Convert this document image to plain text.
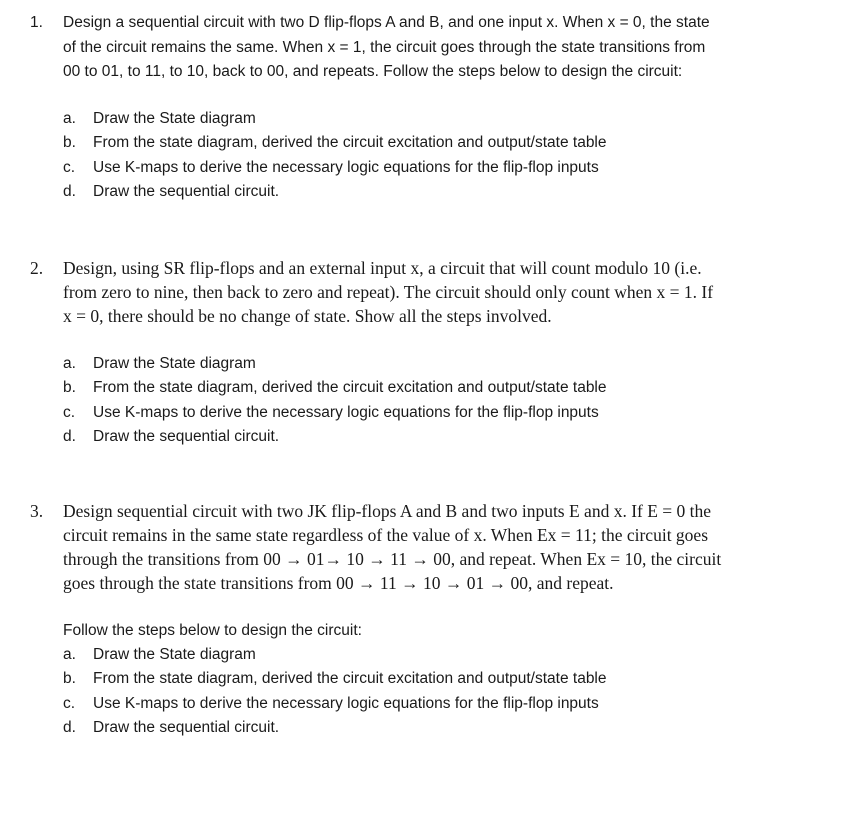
1. Design a sequential circuit with two D flip-flops A and B, and one input x. When x = 0, the state
of the circuit remains the same. When x = 1, the circuit goes through the state transitions from
00 to 01, to 11, to 10, back to 00, and repeats. Follow the steps below to design the circuit:
a. Draw the State diagram
b. From the state diagram, derived the circuit excitation and output/state table
c. Use K-maps to derive the necessary logic equations for the flip-flop inputs
d. Draw the sequential circuit.
2. Design, using SR flip-flops and an external input x, a circuit that will count modulo 10 (i.e.
from zero to nine, then back to zero and repeat). The circuit should only count when x = 1. If
x = 0, there should be no change of state. Show all the steps involved.
a. Draw the State diagram
b. From the state diagram, derived the circuit excitation and output/state table
c. Use K-maps to derive the necessary logic equations for the flip-flop inputs
d. Draw the sequential circuit.
3. Design sequential circuit with two JK flip-flops A and B and two inputs E and x. If E = 0 the
circuit remains in the same state regardless of the value of x. When Ex = 11; the circuit goes
through the transitions from 00 → 01→ 10 → 11 → 00, and repeat. When Ex = 10, the circuit
goes through the state transitions from 00 → 11 → 10 → 01 → 00, and repeat.
Follow the steps below to design the circuit:
a. Draw the State diagram
b. From the state diagram, derived the circuit excitation and output/state table
c. Use K-maps to derive the necessary logic equations for the flip-flop inputs
d. Draw the sequential circuit.
